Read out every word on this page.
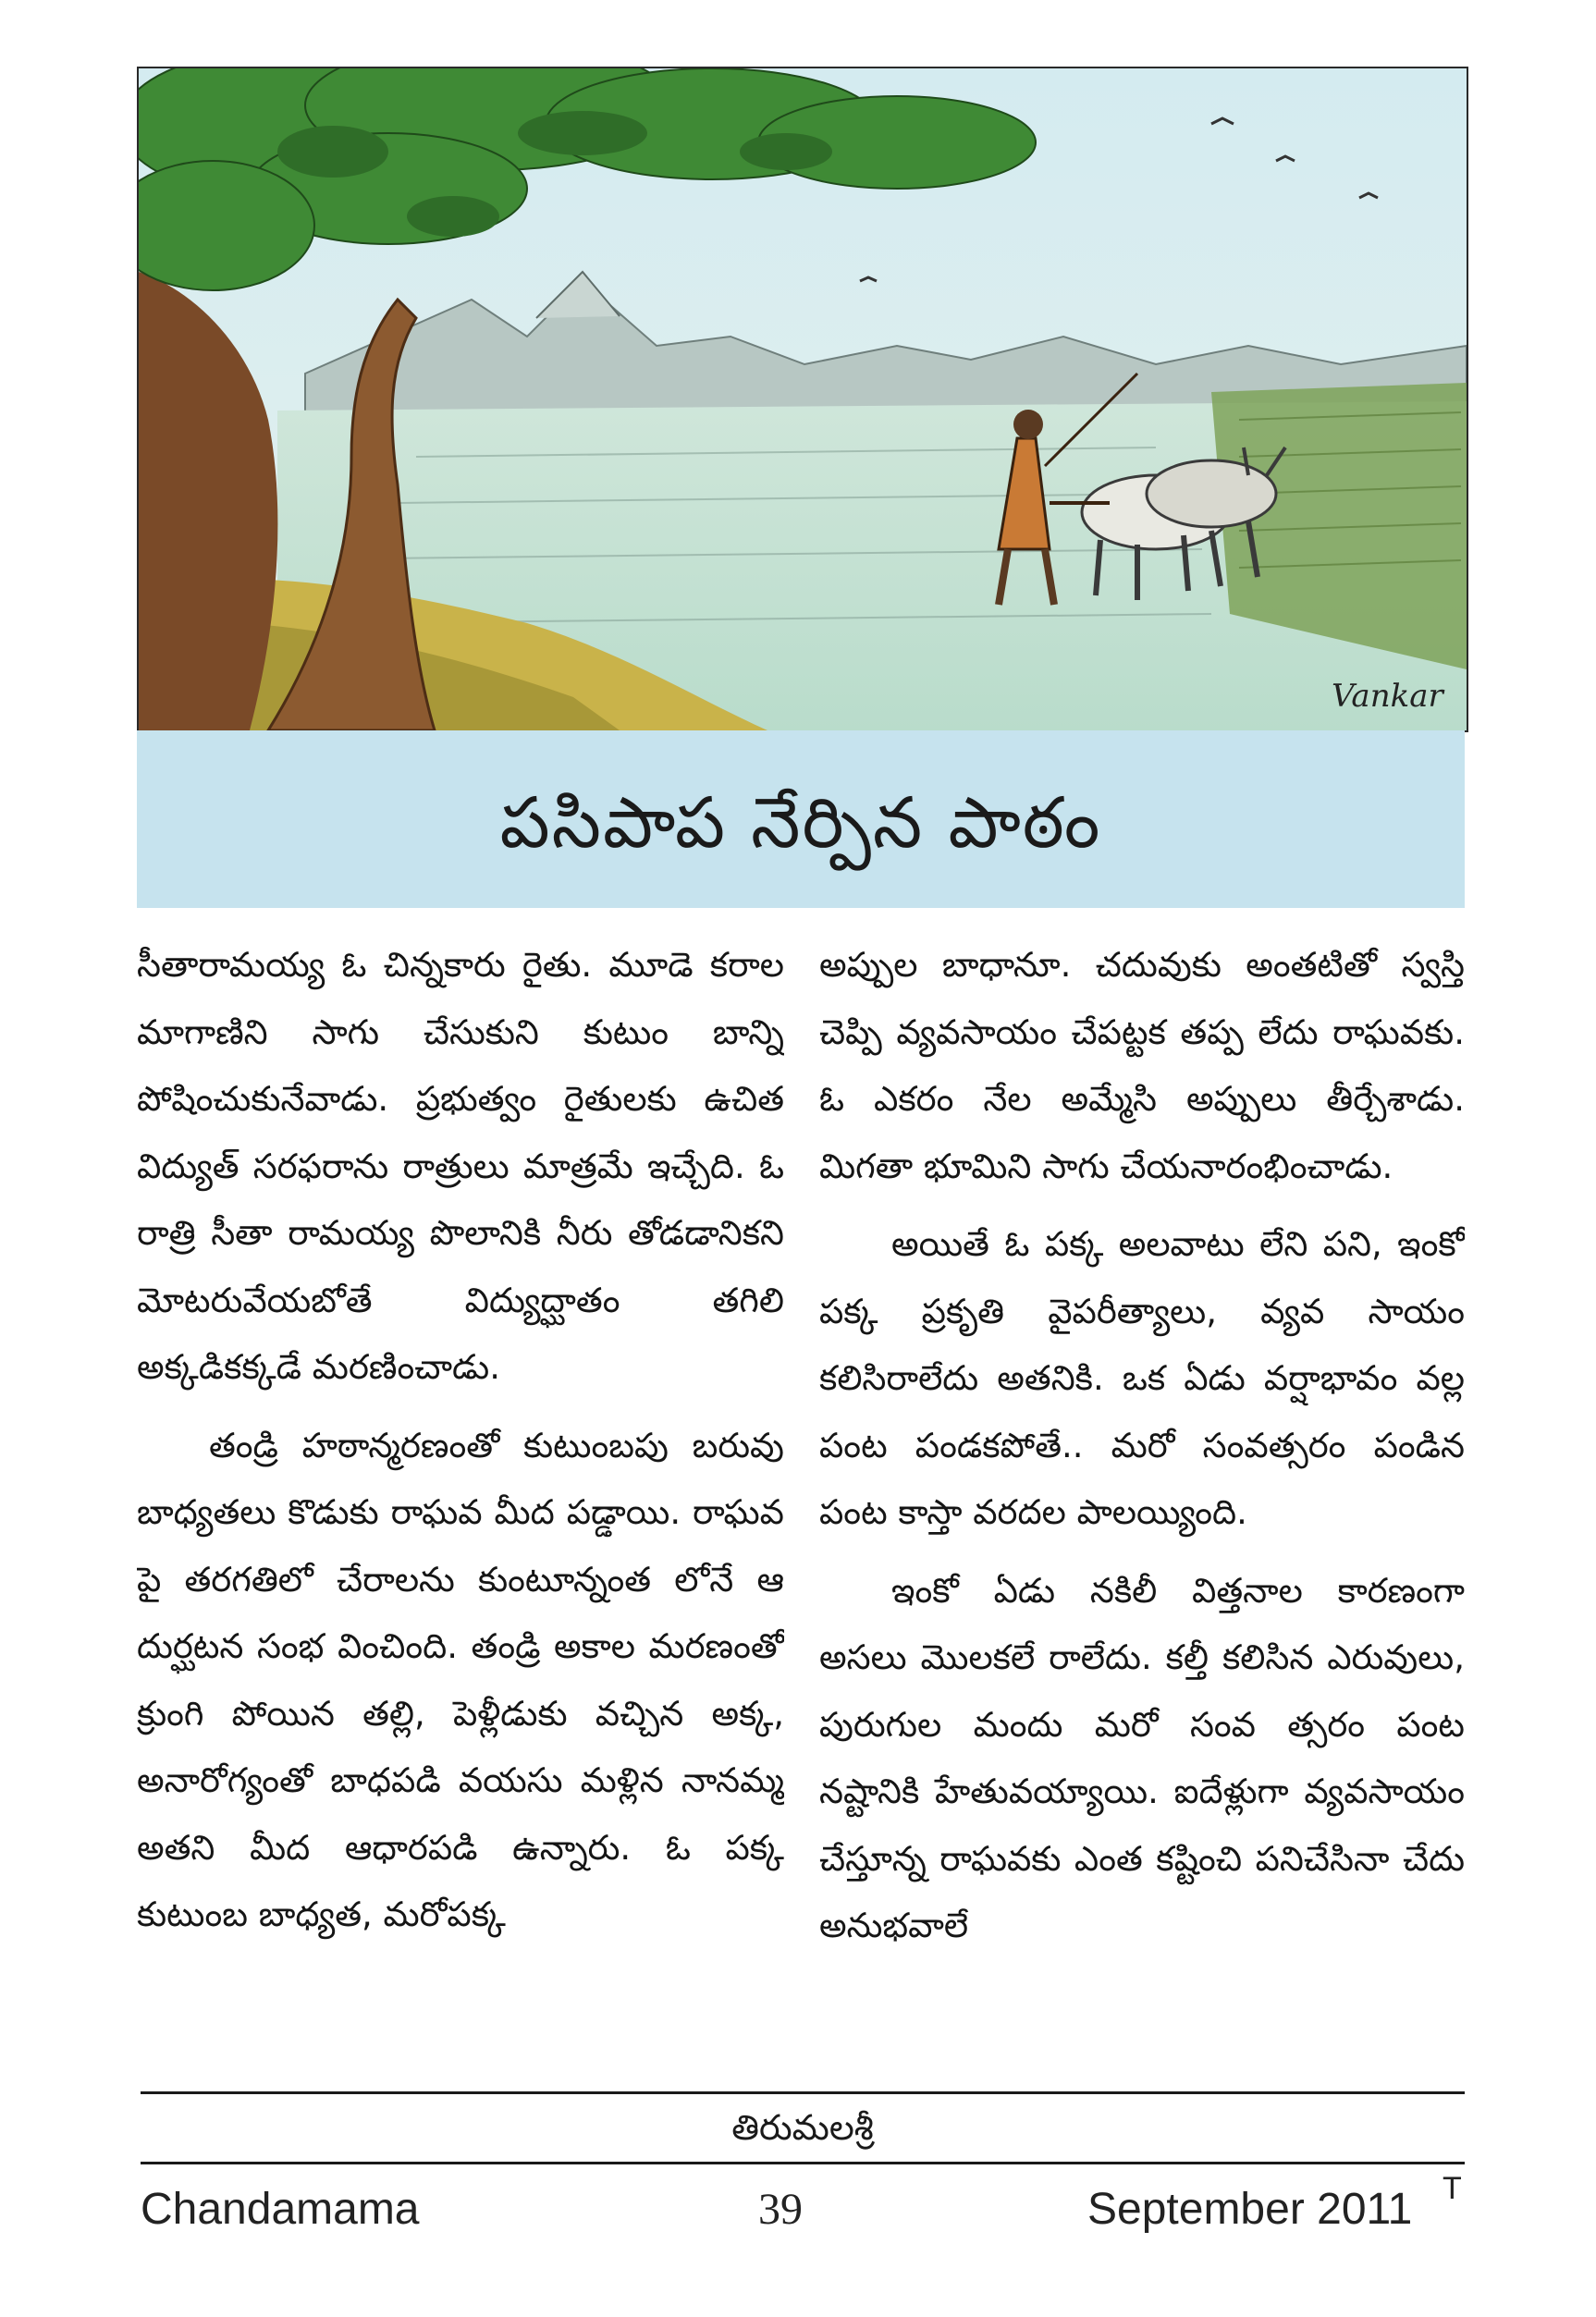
Vankar
పసిపాప నేర్పిన పాఠం

సీతారామయ్య ఓ చిన్నకారు రైతు. మూడె కరాల మాగాణిని సాగు చేసుకుని కుటుం బాన్ని పోషించుకునేవాడు. ప్రభుత్వం రైతులకు ఉచిత విద్యుత్ సరఫరాను రాత్రులు మాత్రమే ఇచ్చేది. ఓ రాత్రి సీతా రామయ్య పొలానికి నీరు తోడడానికని మోటరువేయబోతే విద్యుద్ఘాతం తగిలి అక్కడికక్కడే మరణించాడు.

తండ్రి హఠాన్మరణంతో కుటుంబపు బరువు బాధ్యతలు కొడుకు రాఘవ మీద పడ్డాయి. రాఘవ పై తరగతిలో చేరాలను కుంటూన్నంత లోనే ఆ దుర్ఘటన సంభ వించింది. తండ్రి అకాల మరణంతో క్రుంగి పోయిన తల్లి, పెళ్లీడుకు వచ్చిన అక్క, అనారోగ్యంతో బాధపడి వయసు మళ్లిన నానమ్మ అతని మీద ఆధారపడి ఉన్నారు. ఓ పక్క కుటుంబ బాధ్యత, మరోపక్క

అప్పుల బాధానూ. చదువుకు అంతటితో స్వస్తి చెప్పి వ్యవసాయం చేపట్టక తప్ప లేదు రాఘవకు. ఓ ఎకరం నేల అమ్మేసి అప్పులు తీర్చేశాడు. మిగతా భూమిని సాగు చేయనారంభించాడు.

అయితే ఓ పక్క అలవాటు లేని పని, ఇంకో పక్క ప్రకృతి వైపరీత్యాలు, వ్యవ సాయం కలిసిరాలేదు అతనికి. ఒక ఏడు వర్షాభావం వల్ల పంట పండకపోతే.. మరో సంవత్సరం పండిన పంట కాస్తా వరదల పాలయ్యింది.

ఇంకో ఏడు నకిలీ విత్తనాల కారణంగా అసలు మొలకలే రాలేదు. కల్తీ కలిసిన ఎరువులు, పురుగుల మందు మరో సంవ త్సరం పంట నష్టానికి హేతువయ్యాయి. ఐదేళ్లుగా వ్యవసాయం చేస్తూన్న రాఘవకు ఎంత కష్టించి పనిచేసినా చేదు అనుభవాలే

తిరుమలశ్రీ
Chandamama	39	September 2011 T
